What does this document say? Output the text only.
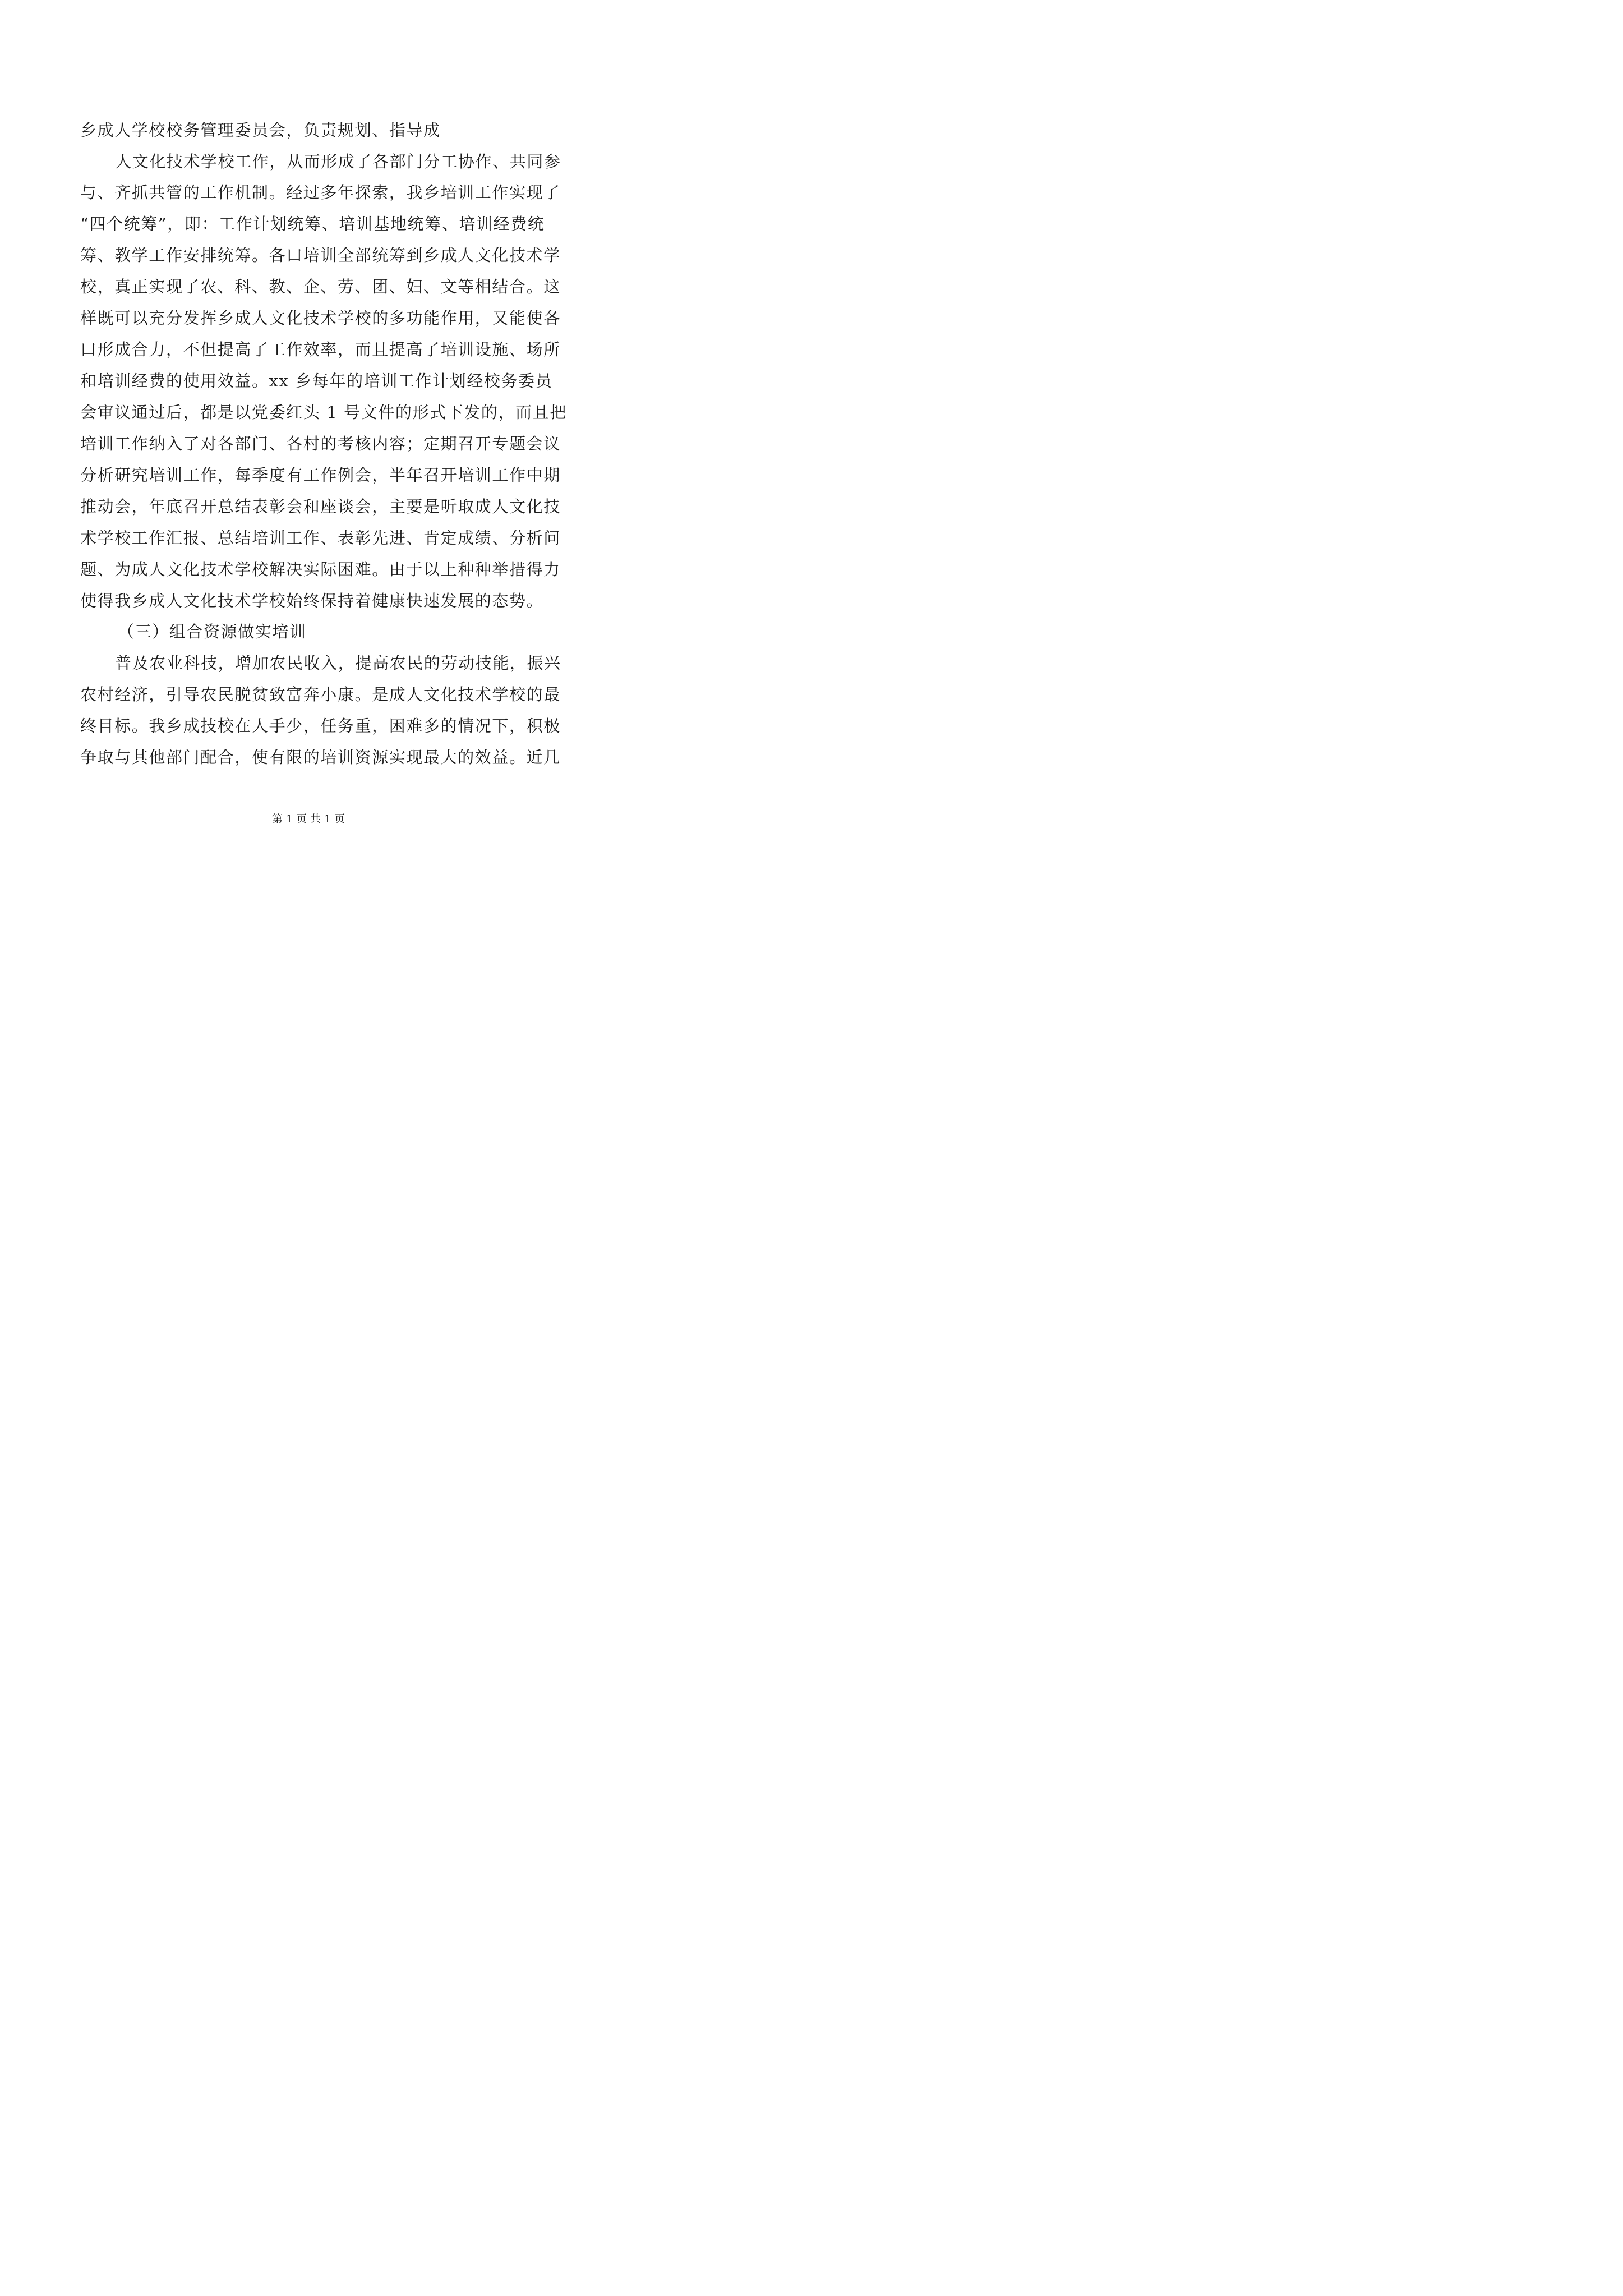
乡成人学校校务管理委员会，负责规划、指导成
人文化技术学校工作，从而形成了各部门分工协作、共同参
与、齐抓共管的工作机制。经过多年探索，我乡培训工作实现了
“四个统筹”，即：工作计划统筹、培训基地统筹、培训经费统
筹、教学工作安排统筹。各口培训全部统筹到乡成人文化技术学
校，真正实现了农、科、教、企、劳、团、妇、文等相结合。这
样既可以充分发挥乡成人文化技术学校的多功能作用，又能使各
口形成合力，不但提高了工作效率，而且提高了培训设施、场所
和培训经费的使用效益。xx 乡每年的培训工作计划经校务委员
会审议通过后，都是以党委红头 1 号文件的形式下发的，而且把
培训工作纳入了对各部门、各村的考核内容；定期召开专题会议
分析研究培训工作，每季度有工作例会，半年召开培训工作中期
推动会，年底召开总结表彰会和座谈会，主要是听取成人文化技
术学校工作汇报、总结培训工作、表彰先进、肯定成绩、分析问
题、为成人文化技术学校解决实际困难。由于以上种种举措得力
使得我乡成人文化技术学校始终保持着健康快速发展的态势。
（三）组合资源做实培训
普及农业科技，增加农民收入，提高农民的劳动技能，振兴
农村经济，引导农民脱贫致富奔小康。是成人文化技术学校的最
终目标。我乡成技校在人手少，任务重，困难多的情况下，积极
争取与其他部门配合，使有限的培训资源实现最大的效益。近几
第 1 页 共 1 页
